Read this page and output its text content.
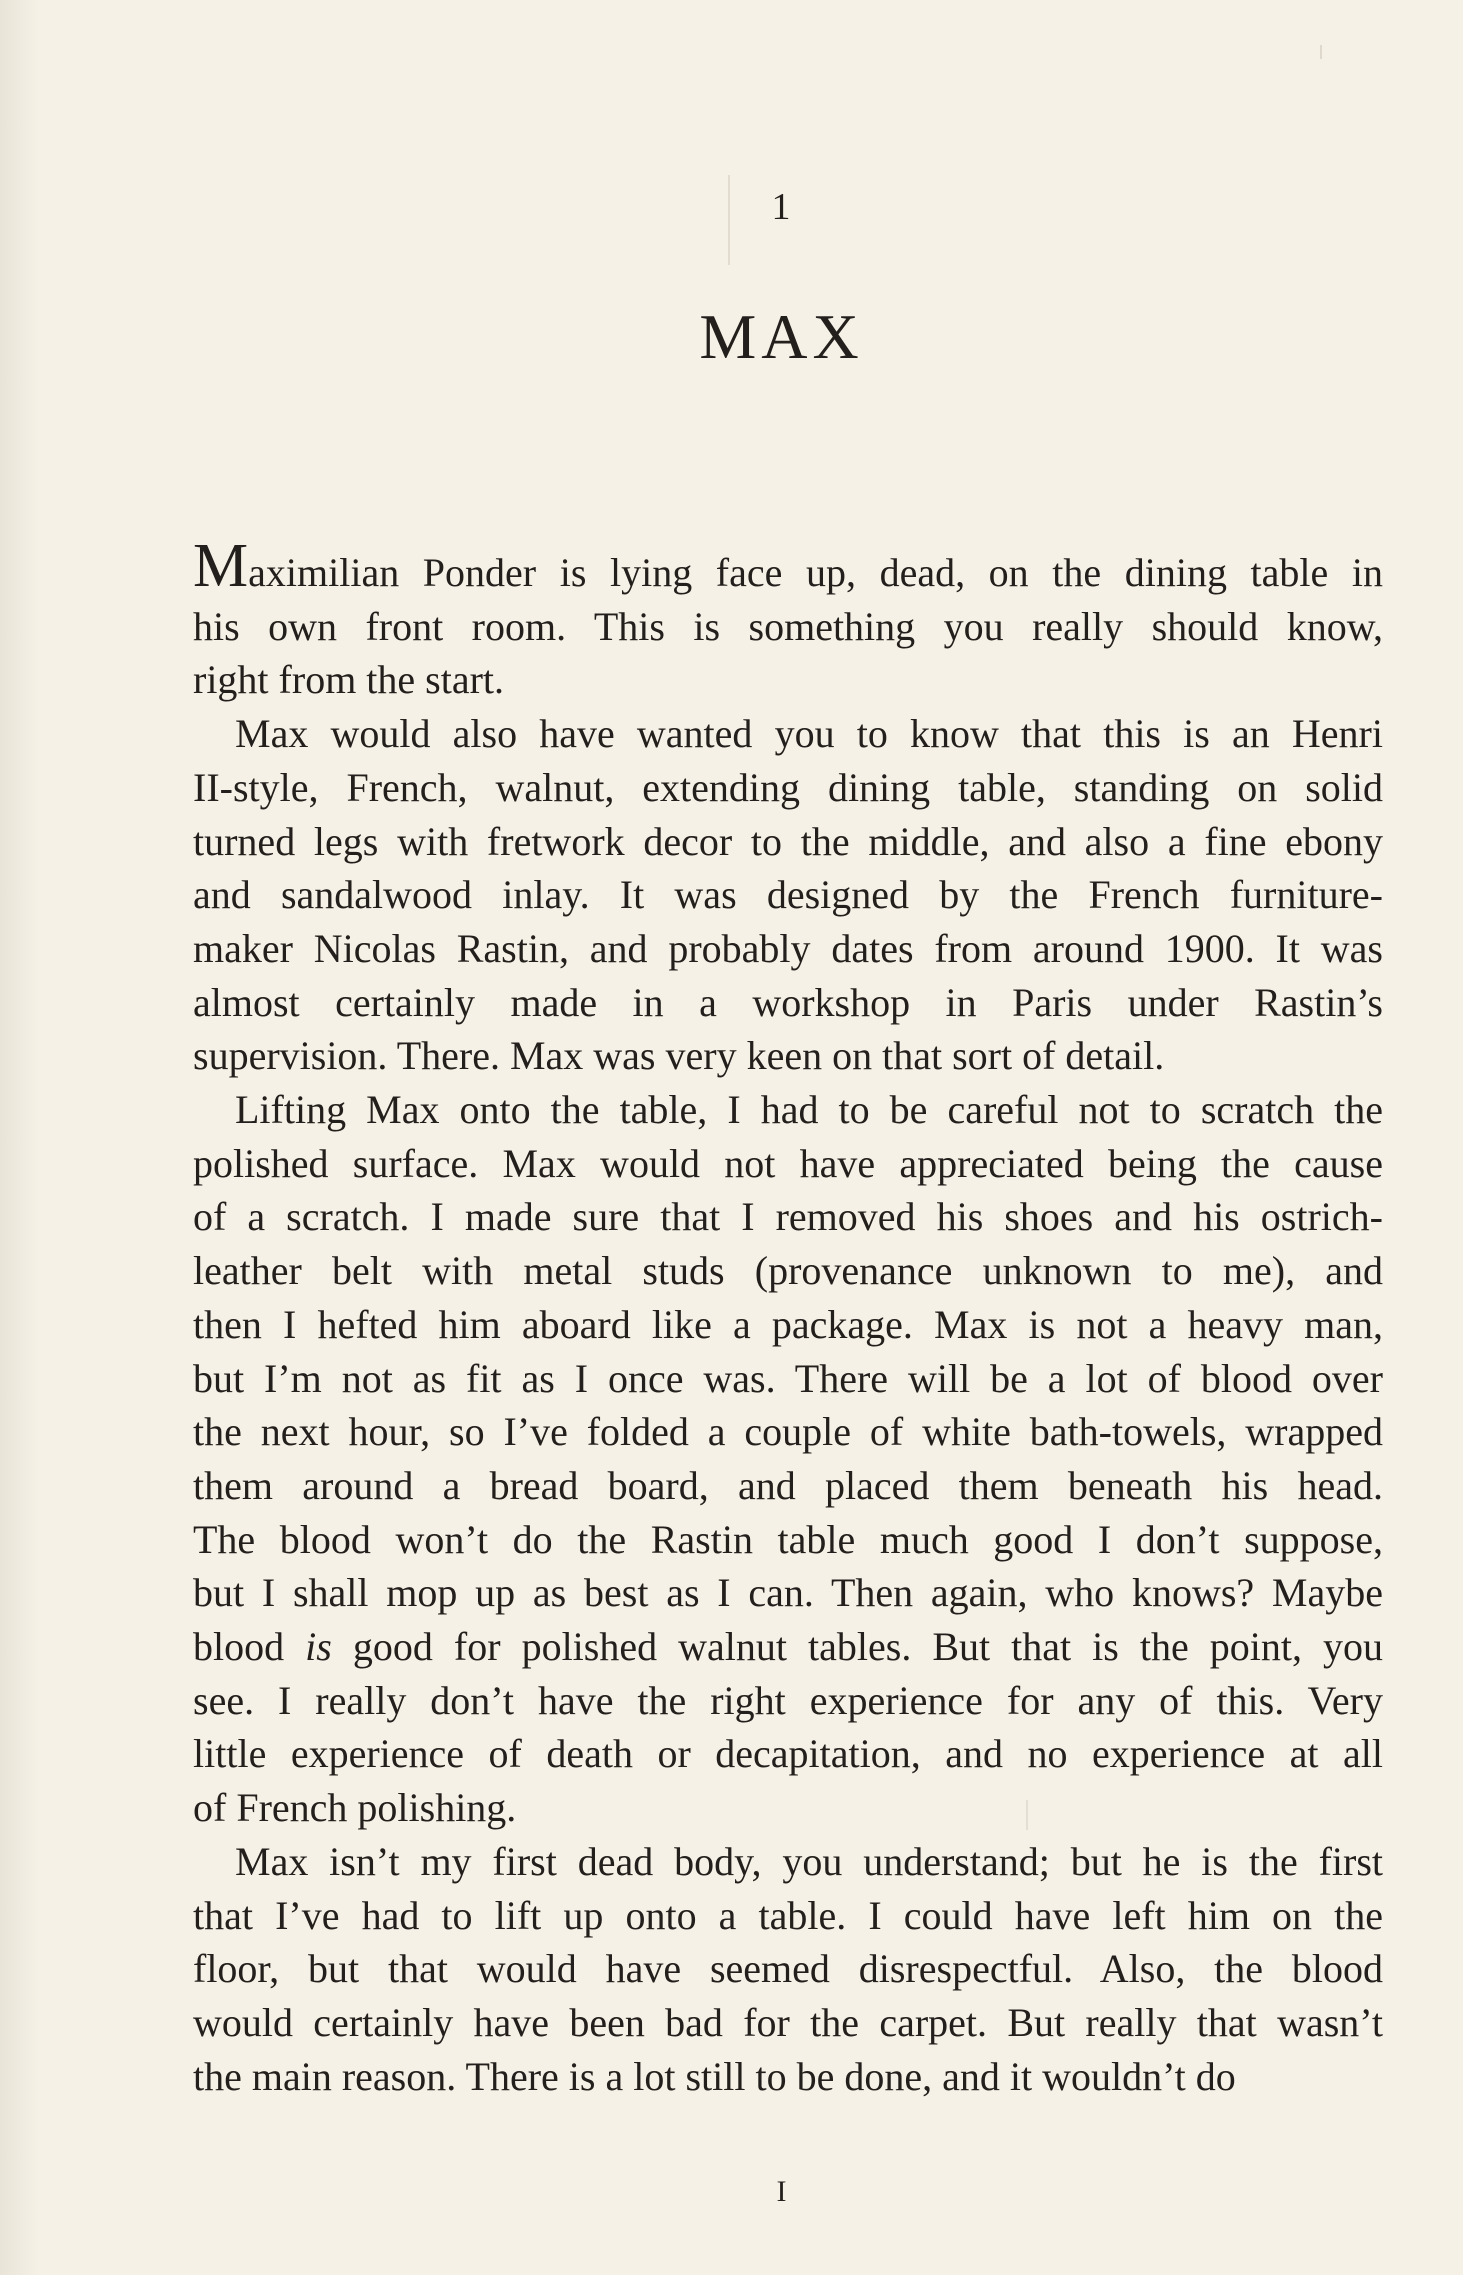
1
MAX
Maximilian Ponder is lying face up, dead, on the dining table in
his own front room. This is something you really should know,
right from the start.
Max would also have wanted you to know that this is an Henri
II-style, French, walnut, extending dining table, standing on solid
turned legs with fretwork decor to the middle, and also a fine ebony
and sandalwood inlay. It was designed by the French furniture-
maker Nicolas Rastin, and probably dates from around 1900. It was
almost certainly made in a workshop in Paris under Rastin’s
supervision. There. Max was very keen on that sort of detail.
Lifting Max onto the table, I had to be careful not to scratch the
polished surface. Max would not have appreciated being the cause
of a scratch. I made sure that I removed his shoes and his ostrich-
leather belt with metal studs (provenance unknown to me), and
then I hefted him aboard like a package. Max is not a heavy man,
but I’m not as fit as I once was. There will be a lot of blood over
the next hour, so I’ve folded a couple of white bath-towels, wrapped
them around a bread board, and placed them beneath his head.
The blood won’t do the Rastin table much good I don’t suppose,
but I shall mop up as best as I can. Then again, who knows? Maybe
blood is good for polished walnut tables. But that is the point, you
see. I really don’t have the right experience for any of this. Very
little experience of death or decapitation, and no experience at all
of French polishing.
Max isn’t my first dead body, you understand; but he is the first
that I’ve had to lift up onto a table. I could have left him on the
floor, but that would have seemed disrespectful. Also, the blood
would certainly have been bad for the carpet. But really that wasn’t
the main reason. There is a lot still to be done, and it wouldn’t do
I
